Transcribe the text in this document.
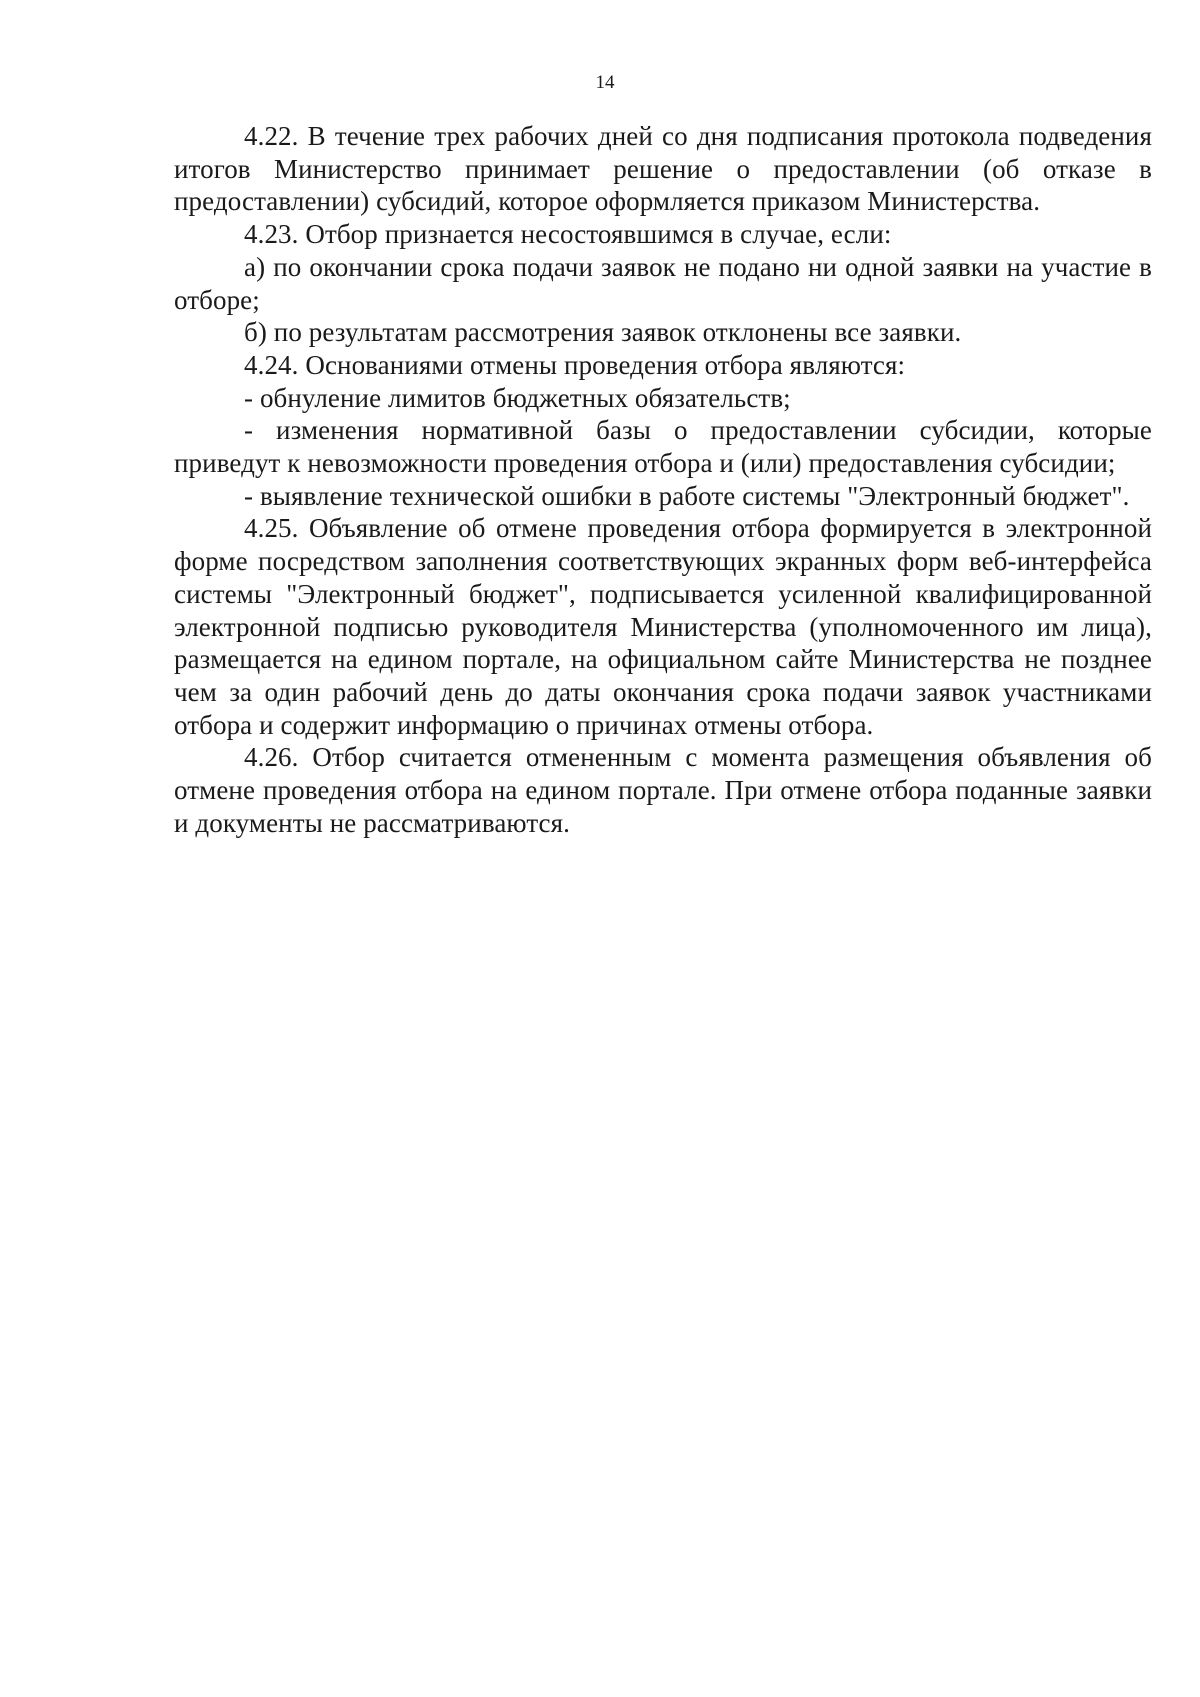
14

4.22. В течение трех рабочих дней со дня подписания протокола подведения итогов Министерство принимает решение о предоставлении (об отказе в предоставлении) субсидий, которое оформляется приказом Министерства.

4.23. Отбор признается несостоявшимся в случае, если:

а) по окончании срока подачи заявок не подано ни одной заявки на участие в отборе;

б) по результатам рассмотрения заявок отклонены все заявки.

4.24. Основаниями отмены проведения отбора являются:

- обнуление лимитов бюджетных обязательств;

- изменения нормативной базы о предоставлении субсидии, которые приведут к невозможности проведения отбора и (или) предоставления субсидии;

- выявление технической ошибки в работе системы "Электронный бюджет".

4.25. Объявление об отмене проведения отбора формируется в электронной форме посредством заполнения соответствующих экранных форм веб-интерфейса системы "Электронный бюджет", подписывается усиленной квалифицированной электронной подписью руководителя Министерства (уполномоченного им лица), размещается на едином портале, на официальном сайте Министерства не позднее чем за один рабочий день до даты окончания срока подачи заявок участниками отбора и содержит информацию о причинах отмены отбора.

4.26. Отбор считается отмененным с момента размещения объявления об отмене проведения отбора на едином портале. При отмене отбора поданные заявки и документы не рассматриваются.
